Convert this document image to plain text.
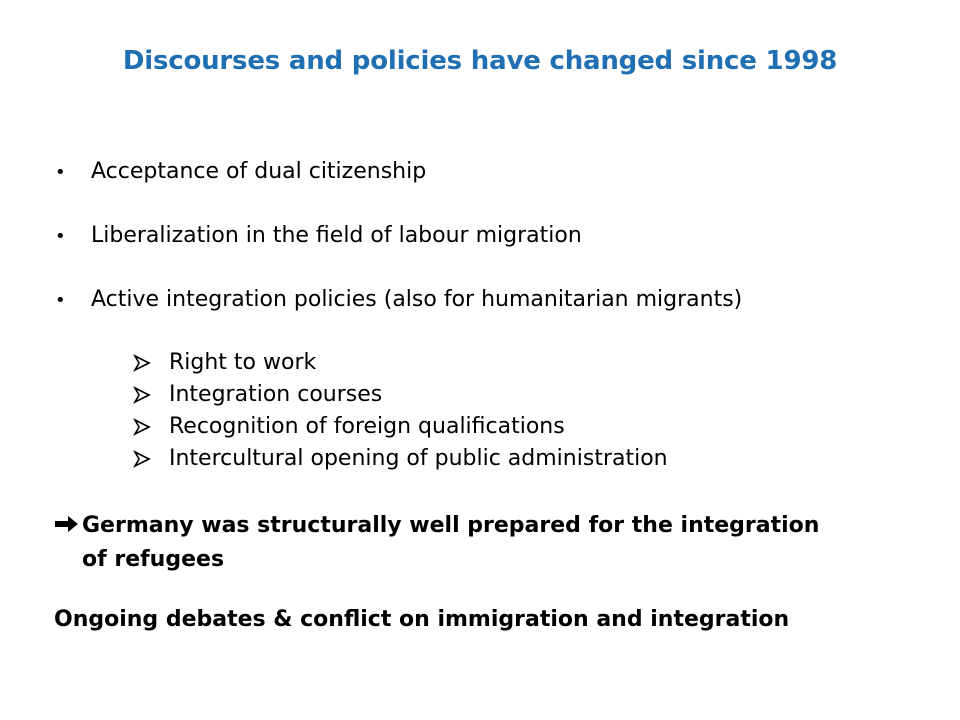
Discourses and policies have changed since 1998
• Acceptance of dual citizenship
• Liberalization in the field of labour migration
• Active integration policies (also for humanitarian migrants)
Right to work
Integration courses
Recognition of foreign qualifications
Intercultural opening of public administration
Germany was structurally well prepared for the integration
of refugees
Ongoing debates & conflict on immigration and integration
